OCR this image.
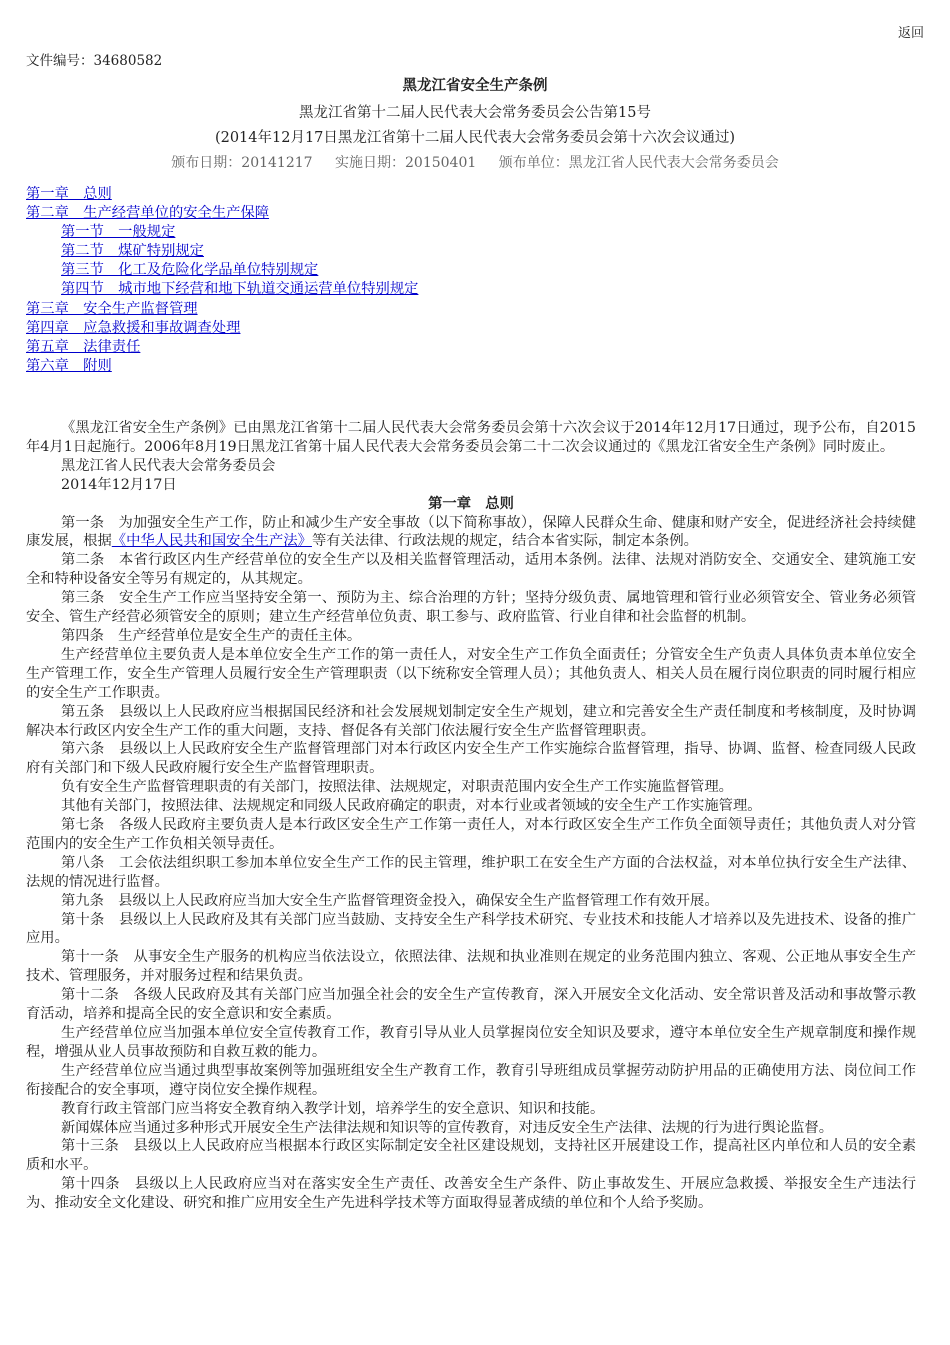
返回
文件编号：34680582
黑龙江省安全生产条例
黑龙江省第十二届人民代表大会常务委员会公告第15号
(2014年12月17日黑龙江省第十二届人民代表大会常务委员会第十六次会议通过)
颁布日期：20141217 实施日期：20150401 颁布单位：黑龙江省人民代表大会常务委员会
第一章　总则
第二章　生产经营单位的安全生产保障
第一节　一般规定
第二节　煤矿特别规定
第三节　化工及危险化学品单位特别规定
第四节　城市地下经营和地下轨道交通运营单位特别规定
第三章　安全生产监督管理
第四章　应急救援和事故调查处理
第五章　法律责任
第六章　附则

《黑龙江省安全生产条例》已由黑龙江省第十二届人民代表大会常务委员会第十六次会议于2014年12月17日通过，现予公布，自2015年4月1日起施行。2006年8月19日黑龙江省第十届人民代表大会常务委员会第二十二次会议通过的《黑龙江省安全生产条例》同时废止。

黑龙江省人民代表大会常务委员会

2014年12月17日

第一章　总则

第一条　为加强安全生产工作，防止和减少生产安全事故（以下简称事故），保障人民群众生命、健康和财产安全，促进经济社会持续健康发展，根据《中华人民共和国安全生产法》等有关法律、行政法规的规定，结合本省实际，制定本条例。

第二条　本省行政区内生产经营单位的安全生产以及相关监督管理活动，适用本条例。法律、法规对消防安全、交通安全、建筑施工安全和特种设备安全等另有规定的，从其规定。

第三条　安全生产工作应当坚持安全第一、预防为主、综合治理的方针；坚持分级负责、属地管理和管行业必须管安全、管业务必须管安全、管生产经营必须管安全的原则；建立生产经营单位负责、职工参与、政府监管、行业自律和社会监督的机制。

第四条　生产经营单位是安全生产的责任主体。

生产经营单位主要负责人是本单位安全生产工作的第一责任人，对安全生产工作负全面责任；分管安全生产负责人具体负责本单位安全生产管理工作，安全生产管理人员履行安全生产管理职责（以下统称安全管理人员）；其他负责人、相关人员在履行岗位职责的同时履行相应的安全生产工作职责。

第五条　县级以上人民政府应当根据国民经济和社会发展规划制定安全生产规划，建立和完善安全生产责任制度和考核制度，及时协调解决本行政区内安全生产工作的重大问题，支持、督促各有关部门依法履行安全生产监督管理职责。

第六条　县级以上人民政府安全生产监督管理部门对本行政区内安全生产工作实施综合监督管理，指导、协调、监督、检查同级人民政府有关部门和下级人民政府履行安全生产监督管理职责。

负有安全生产监督管理职责的有关部门，按照法律、法规规定，对职责范围内安全生产工作实施监督管理。

其他有关部门，按照法律、法规规定和同级人民政府确定的职责，对本行业或者领域的安全生产工作实施管理。

第七条　各级人民政府主要负责人是本行政区安全生产工作第一责任人，对本行政区安全生产工作负全面领导责任；其他负责人对分管范围内的安全生产工作负相关领导责任。

第八条　工会依法组织职工参加本单位安全生产工作的民主管理，维护职工在安全生产方面的合法权益，对本单位执行安全生产法律、法规的情况进行监督。

第九条　县级以上人民政府应当加大安全生产监督管理资金投入，确保安全生产监督管理工作有效开展。

第十条　县级以上人民政府及其有关部门应当鼓励、支持安全生产科学技术研究、专业技术和技能人才培养以及先进技术、设备的推广应用。

第十一条　从事安全生产服务的机构应当依法设立，依照法律、法规和执业准则在规定的业务范围内独立、客观、公正地从事安全生产技术、管理服务，并对服务过程和结果负责。

第十二条　各级人民政府及其有关部门应当加强全社会的安全生产宣传教育，深入开展安全文化活动、安全常识普及活动和事故警示教育活动，培养和提高全民的安全意识和安全素质。

生产经营单位应当加强本单位安全宣传教育工作，教育引导从业人员掌握岗位安全知识及要求，遵守本单位安全生产规章制度和操作规程，增强从业人员事故预防和自救互救的能力。

生产经营单位应当通过典型事故案例等加强班组安全生产教育工作，教育引导班组成员掌握劳动防护用品的正确使用方法、岗位间工作衔接配合的安全事项，遵守岗位安全操作规程。

教育行政主管部门应当将安全教育纳入教学计划，培养学生的安全意识、知识和技能。

新闻媒体应当通过多种形式开展安全生产法律法规和知识等的宣传教育，对违反安全生产法律、法规的行为进行舆论监督。

第十三条　县级以上人民政府应当根据本行政区实际制定安全社区建设规划，支持社区开展建设工作，提高社区内单位和人员的安全素质和水平。

第十四条　县级以上人民政府应当对在落实安全生产责任、改善安全生产条件、防止事故发生、开展应急救援、举报安全生产违法行为、推动安全文化建设、研究和推广应用安全生产先进科学技术等方面取得显著成绩的单位和个人给予奖励。
